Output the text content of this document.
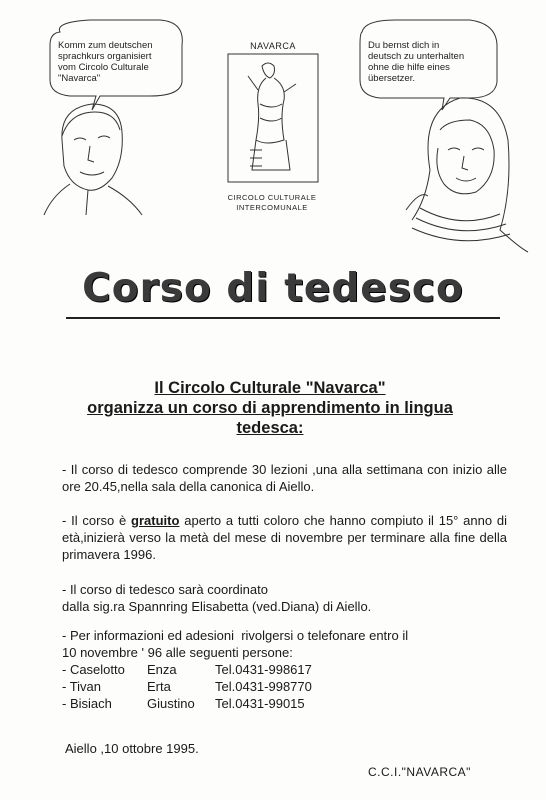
Komm zum deutschen
sprachkurs organisiert
vom Circolo Culturale
"Navarca"
Du bernst dich in
deutsch zu unterhalten
ohne die hilfe eines
übersetzer.
NAVARCA
CIRCOLO CULTURALE
INTERCOMUNALE
Corso di tedesco
Il Circolo Culturale "Navarca"
organizza un corso di apprendimento in lingua
tedesca:
- Il corso di tedesco comprende 30 lezioni ,una alla settimana con inizio alle ore 20.45,nella sala della canonica di Aiello.
- Il corso è gratuito aperto a tutti coloro che hanno compiuto il 15° anno di età,inizierà verso la metà del mese di novembre per terminare alla fine della primavera 1996.
- Il corso di tedesco sarà coordinato
dalla sig.ra Spannring Elisabetta (ved.Diana) di Aiello.
- Per informazioni ed adesioni  rivolgersi o telefonare entro il
10 novembre ' 96 alle seguenti persone:
- Caselotto	Enza	Tel.0431-998617
- Tivan	Erta	Tel.0431-998770
- Bisiach	Giustino	Tel.0431-99015
Aiello ,10 ottobre 1995.
C.C.I."NAVARCA"
